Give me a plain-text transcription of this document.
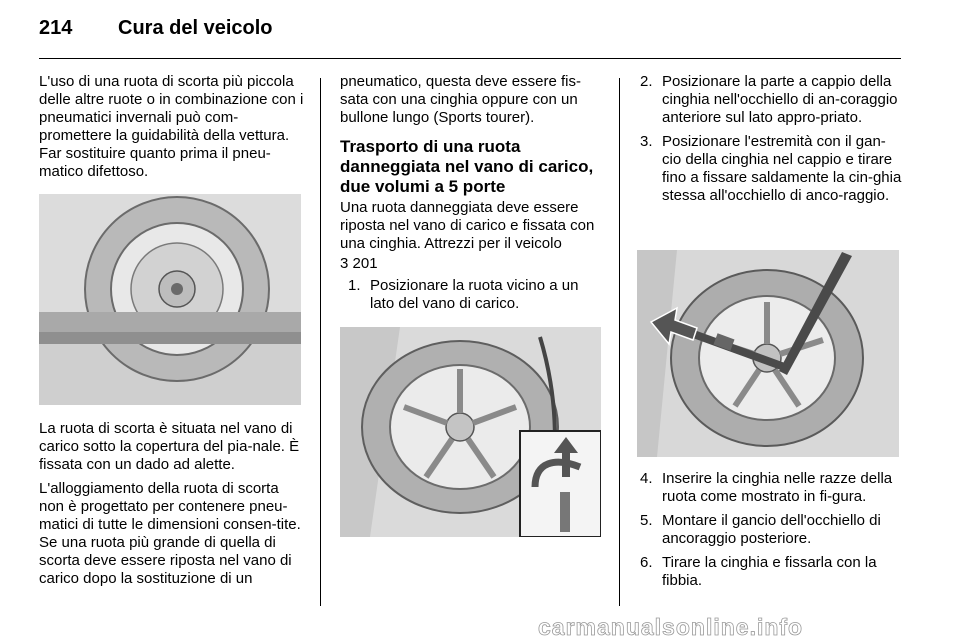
214 Cura del veicolo

L'uso di una ruota di scorta più piccola delle altre ruote o in combinazione con i pneumatici invernali può com-promettere la guidabilità della vettura. Far sostituire quanto prima il pneu-matico difettoso.

La ruota di scorta è situata nel vano di carico sotto la copertura del pia-nale. È fissata con un dado ad alette.

L'alloggiamento della ruota di scorta non è progettato per contenere pneu-matici di tutte le dimensioni consen-tite. Se una ruota più grande di quella di scorta deve essere riposta nel vano di carico dopo la sostituzione di un

pneumatico, questa deve essere fis-sata con una cinghia oppure con un bullone lungo (Sports tourer).

Trasporto di una ruota danneggiata nel vano di carico, due volumi a 5 porte

Una ruota danneggiata deve essere riposta nel vano di carico e fissata con una cinghia. Attrezzi per il veicolo

3 201

1. Posizionare la ruota vicino a un lato del vano di carico.
2. Posizionare la parte a cappio della cinghia nell'occhiello di an-coraggio anteriore sul lato appro-priato.
3. Posizionare l'estremità con il gan-cio della cinghia nel cappio e tirare fino a fissare saldamente la cin-ghia stessa all'occhiello di anco-raggio.
4. Inserire la cinghia nelle razze della ruota come mostrato in fi-gura.
5. Montare il gancio dell'occhiello di ancoraggio posteriore.
6. Tirare la cinghia e fissarla con la fibbia.
carmanualsonline.info
